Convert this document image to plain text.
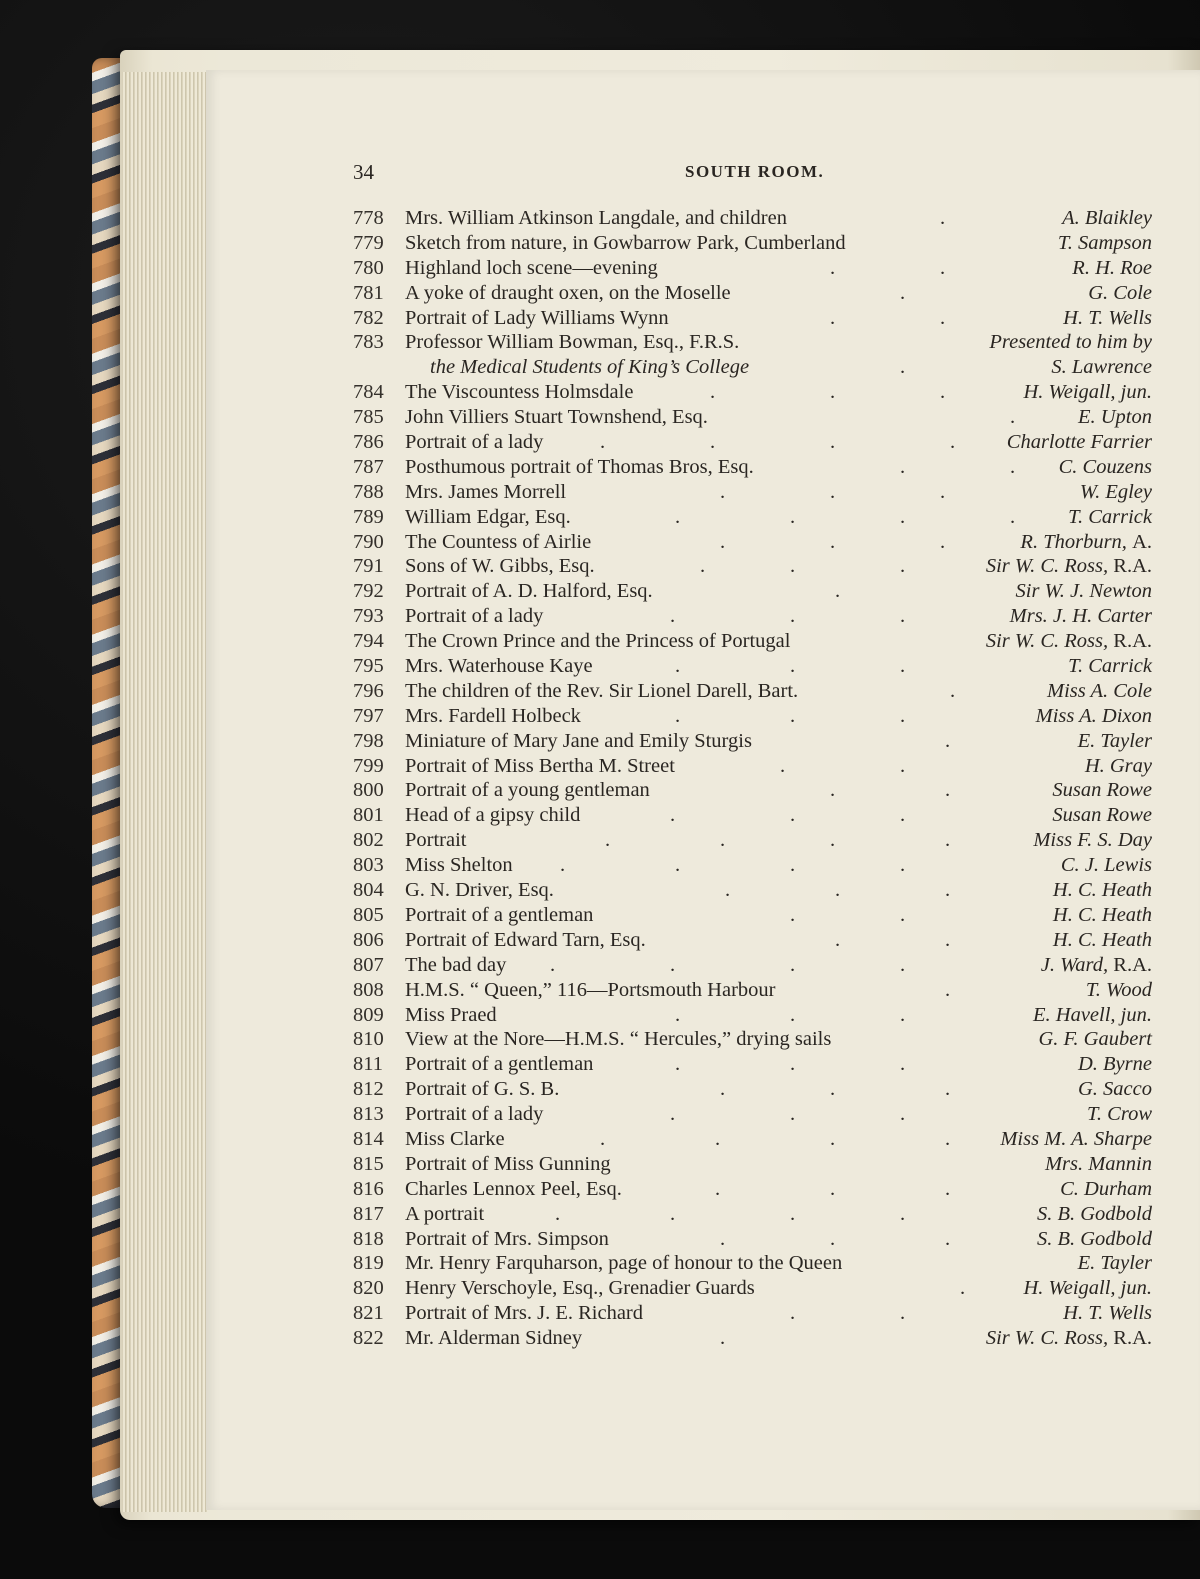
34	SOUTH ROOM.
778 Mrs. William Atkinson Langdale, and children	.	A. Blaikley
779 Sketch from nature, in Gowbarrow Park, Cumberland	T. Sampson
780 Highland loch scene—evening	.	.	R. H. Roe
781 A yoke of draught oxen, on the Moselle	.	G. Cole
782 Portrait of Lady Williams Wynn	.	.	H. T. Wells
783 Professor William Bowman, Esq., F.R.S.	Presented to him by
the Medical Students of King’s College	.	S. Lawrence
784 The Viscountess Holmsdale	.	.	.	H. Weigall, jun.
785 John Villiers Stuart Townshend, Esq.	.	E. Upton
786 Portrait of a lady	.	.	.	.	Charlotte Farrier
787 Posthumous portrait of Thomas Bros, Esq.	.	. C. Couzens
788 Mrs. James Morrell	.	.	.	W. Egley
789 William Edgar, Esq.	.	.	.	.	T. Carrick
790 The Countess of Airlie	.	.	.	R. Thorburn, A.
791 Sons of W. Gibbs, Esq.	.	.	.	Sir W. C. Ross, R.A.
792 Portrait of A. D. Halford, Esq.	.	Sir W. J. Newton
793 Portrait of a lady	.	.	.	Mrs. J. H. Carter
794 The Crown Prince and the Princess of Portugal	Sir W. C. Ross, R.A.
795 Mrs. Waterhouse Kaye	.	.	.	T. Carrick
796 The children of the Rev. Sir Lionel Darell, Bart.	.	Miss A. Cole
797 Mrs. Fardell Holbeck	.	.	.	Miss A. Dixon
798 Miniature of Mary Jane and Emily Sturgis	.	E. Tayler
799 Portrait of Miss Bertha M. Street	.	.	H. Gray
800 Portrait of a young gentleman	.	.	Susan Rowe
801 Head of a gipsy child	.	.	.	Susan Rowe
802 Portrait	.	.	.	.	Miss F. S. Day
803 Miss Shelton .	.	.	.	C. J. Lewis
804 G. N. Driver, Esq.	.	.	.	H. C. Heath
805 Portrait of a gentleman	.	.	H. C. Heath
806 Portrait of Edward Tarn, Esq.	.	.	H. C. Heath
807 The bad day .	.	.	.	J. Ward, R.A.
808 H.M.S. “ Queen,” 116—Portsmouth Harbour	.	T. Wood
809 Miss Praed	.	.	.	E. Havell, jun.
810 View at the Nore—H.M.S. “ Hercules,” drying sails	G. F. Gaubert
811 Portrait of a gentleman	.	.	.	D. Byrne
812 Portrait of G. S. B.	.	.	.	G. Sacco
813 Portrait of a lady	.	.	.	T. Crow
814 Miss Clarke	.	.	.	. Miss M. A. Sharpe
815 Portrait of Miss Gunning	Mrs. Mannin
816 Charles Lennox Peel, Esq.	.	.	.	C. Durham
817 A portrait	.	.	.	.	S. B. Godbold
818 Portrait of Mrs. Simpson	.	.	.	S. B. Godbold
819 Mr. Henry Farquharson, page of honour to the Queen	E. Tayler
820 Henry Verschoyle, Esq., Grenadier Guards	.	H. Weigall, jun.
821 Portrait of Mrs. J. E. Richard	.	.	H. T. Wells
822 Mr. Alderman Sidney	.	Sir W. C. Ross, R.A.
